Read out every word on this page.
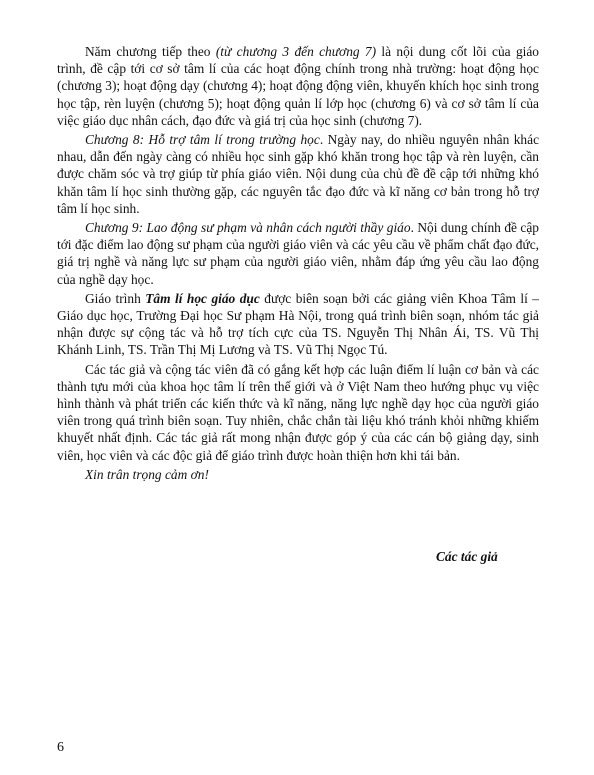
Năm chương tiếp theo (từ chương 3 đến chương 7) là nội dung cốt lõi của giáo trình, đề cập tới cơ sở tâm lí của các hoạt động chính trong nhà trường: hoạt động học (chương 3); hoạt động dạy (chương 4); hoạt động động viên, khuyến khích học sinh trong học tập, rèn luyện (chương 5); hoạt động quản lí lớp học (chương 6) và cơ sở tâm lí của việc giáo dục nhân cách, đạo đức và giá trị của học sinh (chương 7).

Chương 8: Hỗ trợ tâm lí trong trường học. Ngày nay, do nhiều nguyên nhân khác nhau, dẫn đến ngày càng có nhiều học sinh gặp khó khăn trong học tập và rèn luyện, cần được chăm sóc và trợ giúp từ phía giáo viên. Nội dung của chủ đề đề cập tới những khó khăn tâm lí học sinh thường gặp, các nguyên tắc đạo đức và kĩ năng cơ bản trong hỗ trợ tâm lí học sinh.

Chương 9: Lao động sư phạm và nhân cách người thầy giáo. Nội dung chính đề cập tới đặc điểm lao động sư phạm của người giáo viên và các yêu cầu về phẩm chất đạo đức, giá trị nghề và năng lực sư phạm của người giáo viên, nhằm đáp ứng yêu cầu lao động của nghề dạy học.

Giáo trình Tâm lí học giáo dục được biên soạn bởi các giảng viên Khoa Tâm lí – Giáo dục học, Trường Đại học Sư phạm Hà Nội, trong quá trình biên soạn, nhóm tác giả nhận được sự cộng tác và hỗ trợ tích cực của TS. Nguyễn Thị Nhân Ái, TS. Vũ Thị Khánh Linh, TS. Trần Thị Mị Lương và TS. Vũ Thị Ngọc Tú.

Các tác giả và cộng tác viên đã có gắng kết hợp các luận điểm lí luận cơ bản và các thành tựu mới của khoa học tâm lí trên thế giới và ở Việt Nam theo hướng phục vụ việc hình thành và phát triển các kiến thức và kĩ năng, năng lực nghề dạy học của người giáo viên trong quá trình biên soạn. Tuy nhiên, chắc chắn tài liệu khó tránh khỏi những khiếm khuyết nhất định. Các tác giả rất mong nhận được góp ý của các cán bộ giảng dạy, sinh viên, học viên và các độc giả để giáo trình được hoàn thiện hơn khi tái bản.

Xin trân trọng cảm ơn!

Các tác giả
6
